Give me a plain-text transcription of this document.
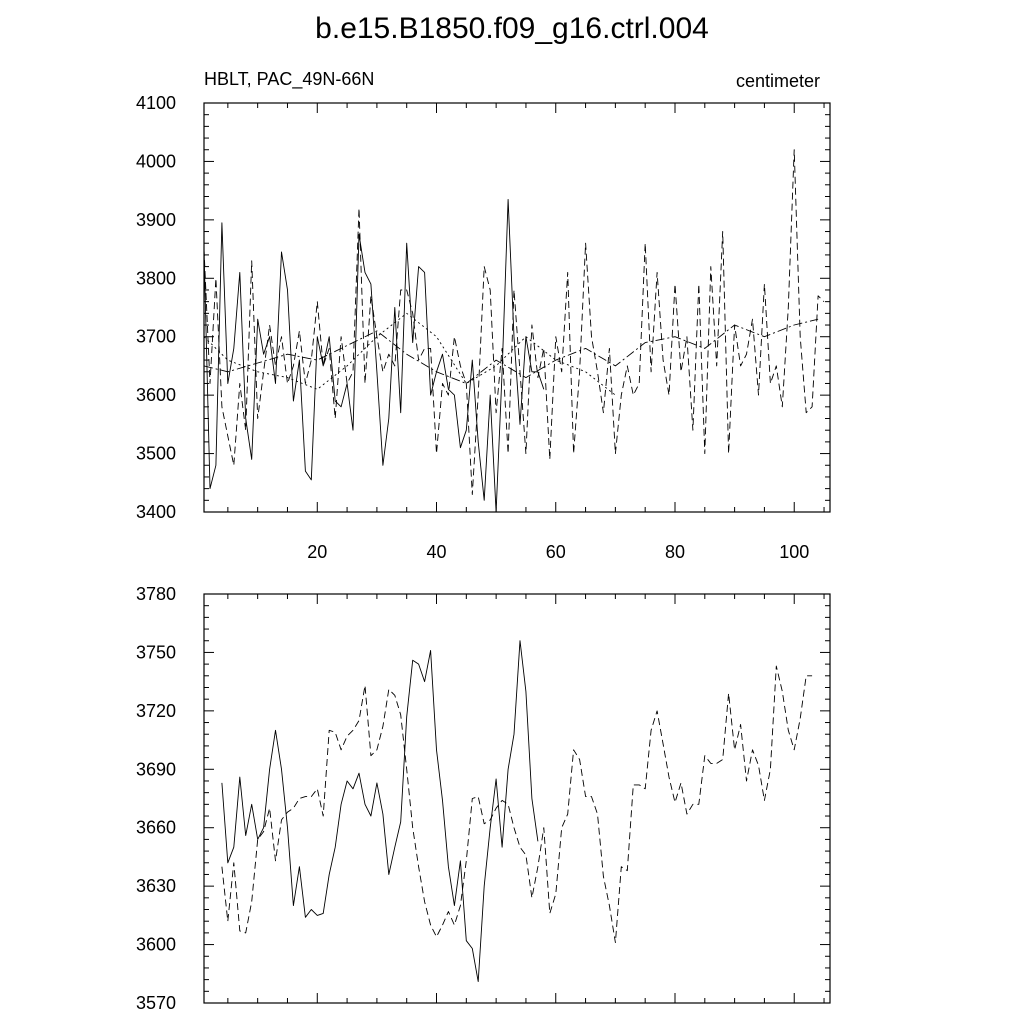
b.e15.B1850.f09_g16.ctrl.004
HBLT, PAC_49N-66N	centimeter
3400
3500
3600
3700
3800
3900
4000
4100
20	40	60	80	100
3570
3600
3630
3660
3690
3720
3750
3780
